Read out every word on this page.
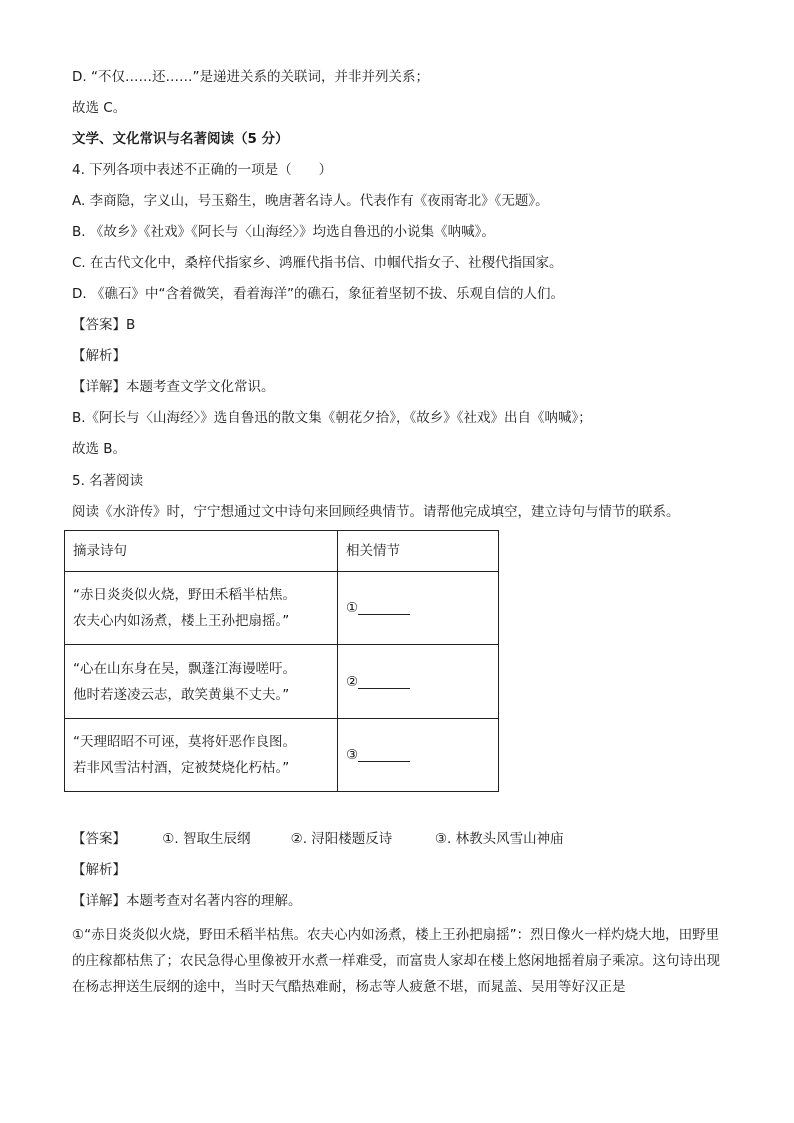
D. “不仅……还……”是递进关系的关联词，并非并列关系；
故选 C。
文学、文化常识与名著阅读（5 分）
4. 下列各项中表述不正确的一项是（　　）
A. 李商隐，字义山，号玉谿生，晚唐著名诗人。代表作有《夜雨寄北》《无题》。
B. 《故乡》《社戏》《阿长与〈山海经〉》均选自鲁迅的小说集《呐喊》。
C. 在古代文化中，桑梓代指家乡、鸿雁代指书信、巾帼代指女子、社稷代指国家。
D. 《礁石》中“含着微笑，看着海洋”的礁石，象征着坚韧不拔、乐观自信的人们。
【答案】B
【解析】
【详解】本题考查文学文化常识。
B.《阿长与〈山海经〉》选自鲁迅的散文集《朝花夕拾》，《故乡》《社戏》出自《呐喊》；
故选 B。
5. 名著阅读
阅读《水浒传》时，宁宁想通过文中诗句来回顾经典情节。请帮他完成填空，建立诗句与情节的联系。
摘录诗句	相关情节

“赤日炎炎似火烧，野田禾稻半枯焦。
农夫心内如汤煮，楼上王孙把扇摇。”	①

“心在山东身在吴，飘蓬江海谩嗟吁。
他时若遂凌云志，敢笑黄巢不丈夫。”	②

“天理昭昭不可诬，莫将奸恶作良图。
若非风雪沽村酒，定被焚烧化朽枯。”	③
【答案】	①. 智取生辰纲	②. 浔阳楼题反诗	③. 林教头风雪山神庙
【解析】
【详解】本题考查对名著内容的理解。
①“赤日炎炎似火烧，野田禾稻半枯焦。农夫心内如汤煮，楼上王孙把扇摇”：烈日像火一样灼烧大地，田野里的庄稼都枯焦了；农民急得心里像被开水煮一样难受，而富贵人家却在楼上悠闲地摇着扇子乘凉。这句诗出现在杨志押送生辰纲的途中，当时天气酷热难耐，杨志等人疲惫不堪，而晁盖、吴用等好汉正是
